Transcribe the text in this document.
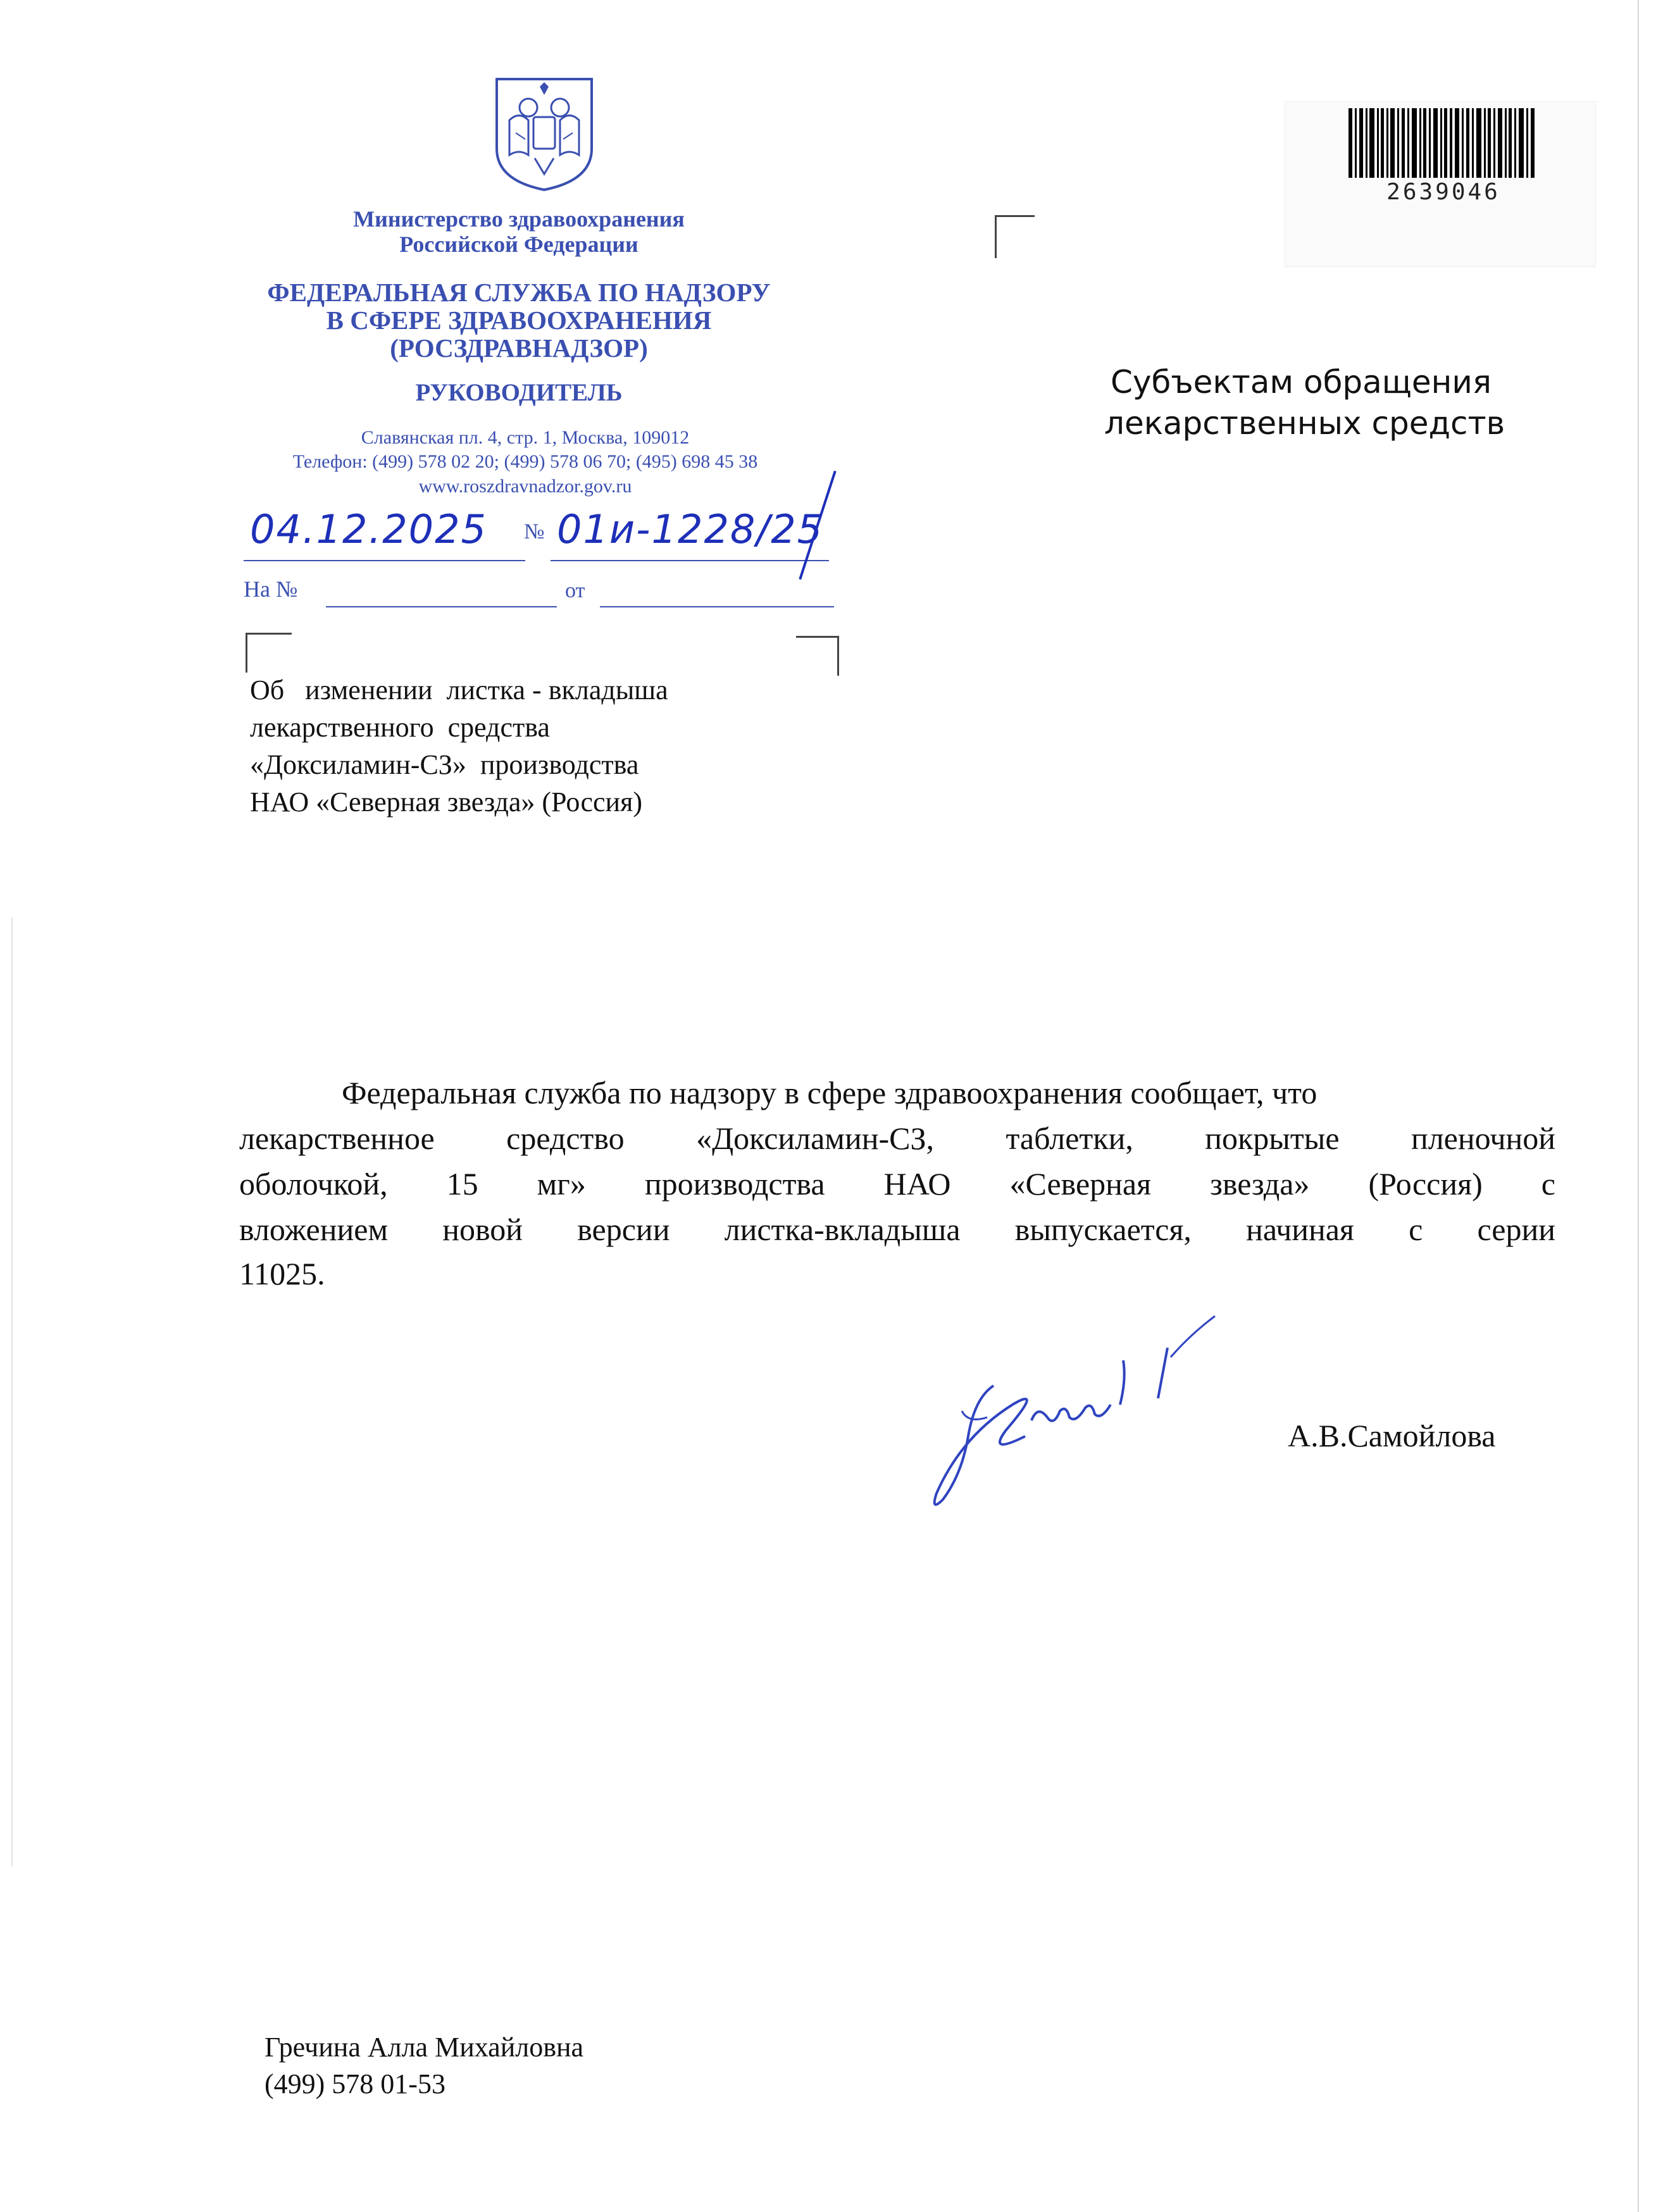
Министерство здравоохранения
Российской Федерации
ФЕДЕРАЛЬНАЯ СЛУЖБА ПО НАДЗОРУ
В СФЕРЕ ЗДРАВООХРАНЕНИЯ
(РОСЗДРАВНАДЗОР)
РУКОВОДИТЕЛЬ
Славянская пл. 4, стр. 1, Москва, 109012
Телефон: (499) 578 02 20; (499) 578 06 70; (495) 698 45 38
www.roszdravnadzor.gov.ru
04.12.2025 № 01и-1228/25
На №	от
2639046
Субъектам обращения
лекарственных средств
Об   изменении  листка - вкладыша
лекарственного  средства
«Доксиламин-СЗ»  производства
НАО «Северная звезда» (Россия)
Федеральная служба по надзору в сфере здравоохранения сообщает, что
лекарственное средство «Доксиламин-СЗ, таблетки, покрытые пленочной
оболочкой, 15 мг» производства НАО «Северная звезда» (Россия) с
вложением новой версии листка-вкладыша выпускается, начиная с серии
11025.
А.В.Самойлова
Гречина Алла Михайловна
(499) 578 01-53
